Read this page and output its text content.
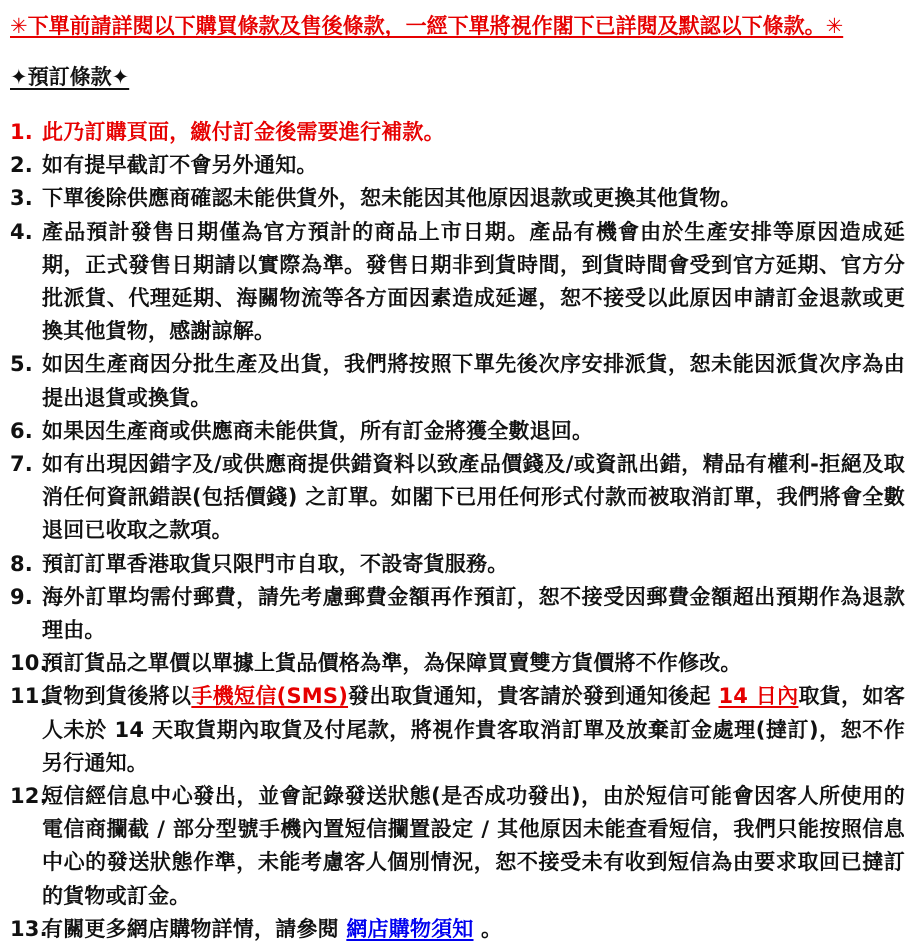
✳下單前請詳閱以下購買條款及售後條款，一經下單將視作閣下已詳閱及默認以下條款。✳
✦預訂條款✦
1. 此乃訂購頁面，繳付訂金後需要進行補款。
2. 如有提早截訂不會另外通知。
3. 下單後除供應商確認未能供貨外，恕未能因其他原因退款或更換其他貨物。
4. 產品預計發售日期僅為官方預計的商品上市日期。產品有機會由於生產安排等原因造成延期，正式發售日期請以實際為準。發售日期非到貨時間，到貨時間會受到官方延期、官方分批派貨、代理延期、海關物流等各方面因素造成延遲，恕不接受以此原因申請訂金退款或更換其他貨物，感謝諒解。
5. 如因生產商因分批生產及出貨，我們將按照下單先後次序安排派貨，恕未能因派貨次序為由提出退貨或換貨。
6. 如果因生產商或供應商未能供貨，所有訂金將獲全數退回。
7. 如有出現因錯字及/或供應商提供錯資料以致產品價錢及/或資訊出錯，精品有權利-拒絕及取消任何資訊錯誤(包括價錢) 之訂單。如閣下已用任何形式付款而被取消訂單，我們將會全數退回已收取之款項。
8. 預訂訂單香港取貨只限門市自取，不設寄貨服務。
9. 海外訂單均需付郵費，請先考慮郵費金額再作預訂，恕不接受因郵費金額超出預期作為退款理由。
10.
預訂貨品之單價以單據上貨品價格為準，為保障買賣雙方貨價將不作修改。
11.
貨物到貨後將以手機短信(SMS)發出取貨通知，貴客請於發到通知後起 14 日內取貨，如客人未於 14 天取貨期內取貨及付尾款，將視作貴客取消訂單及放棄訂金處理(撻訂)，恕不作另行通知。
12.
短信經信息中心發出，並會記錄發送狀態(是否成功發出)，由於短信可能會因客人所使用的電信商攔截 / 部分型號手機內置短信攔置設定 / 其他原因未能查看短信，我們只能按照信息中心的發送狀態作準，未能考慮客人個別情況，恕不接受未有收到短信為由要求取回已撻訂的貨物或訂金。
13.
有關更多網店購物詳情，請參閱 網店購物須知 。
